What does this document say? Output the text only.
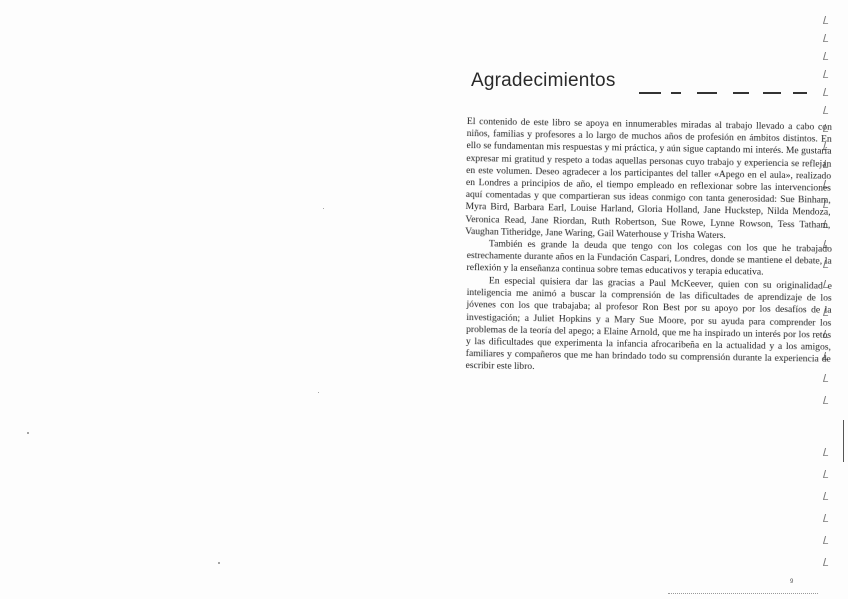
Agradecimientos

El contenido de este libro se apoya en innumerables miradas al trabajo llevado a cabo con niños, familias y profesores a lo largo de muchos años de profesión en ámbitos distintos. En ello se fundamentan mis respuestas y mi práctica, y aún sigue captando mi interés. Me gustaría expresar mi gratitud y respeto a todas aquellas personas cuyo trabajo y experiencia se reflejan en este volumen. Deseo agradecer a los participantes del taller «Apego en el aula», realizado en Londres a principios de año, el tiempo empleado en reflexionar sobre las intervenciones aquí comentadas y que compartieran sus ideas conmigo con tanta generosidad: Sue Binham, Myra Bird, Barbara Earl, Louise Harland, Gloria Holland, Jane Huckstep, Nilda Mendoza, Veronica Read, Jane Riordan, Ruth Robertson, Sue Rowe, Lynne Rowson, Tess Tatham, Vaughan Titheridge, Jane Waring, Gail Waterhouse y Trisha Waters.

También es grande la deuda que tengo con los colegas con los que he trabajado estrechamente durante años en la Fundación Caspari, Londres, donde se mantiene el debate, la reflexión y la enseñanza continua sobre temas educativos y terapia educativa.

En especial quisiera dar las gracias a Paul McKeever, quien con su originalidad e inteligencia me animó a buscar la comprensión de las dificultades de aprendizaje de los jóvenes con los que trabajaba; al profesor Ron Best por su apoyo por los desafíos de la investigación; a Juliet Hopkins y a Mary Sue Moore, por su ayuda para comprender los problemas de la teoría del apego; a Elaine Arnold, que me ha inspirado un interés por los retos y las dificultades que experimenta la infancia afrocaribeña en la actualidad y a los amigos, familiares y compañeros que me han brindado todo su comprensión durante la experiencia de escribir este libro.

9
